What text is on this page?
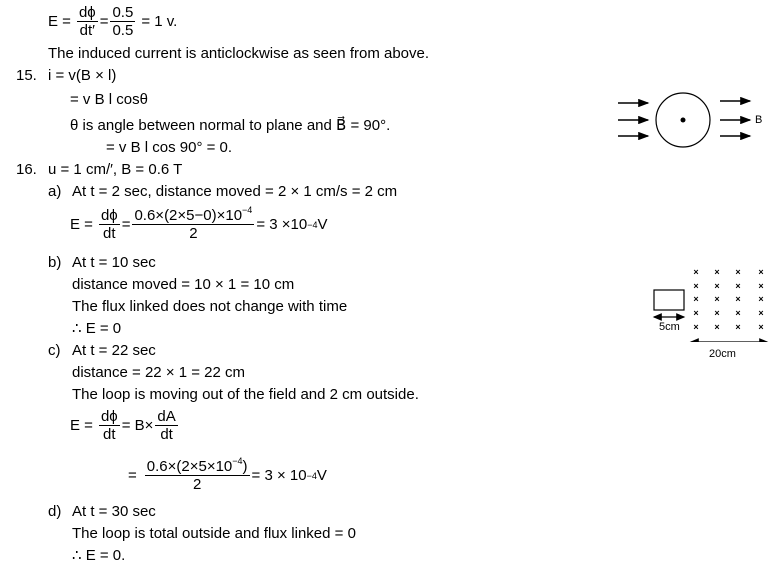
$E = \frac{d\phi}{dt'} = \frac{0.5}{0.5} = 1$ v.
The induced current is anticlockwise as seen from above.
15. i = v(B × l)
= v B l cosθ
θ is angle between normal to plane and B⃗ = 90°.
= v B l cos 90° = 0.
B
16. u = 1 cm/′, B = 0.6 T
a) At t = 2 sec, distance moved = 2 × 1 cm/s = 2 cm
$E = \frac{d\phi}{dt} = \frac{0.6\times(2\times 5-0)\times 10^{-4}}{2} = 3 \times 10 -4$ V
b) At t = 10 sec
distance moved = 10 × 1 = 10 cm
The flux linked does not change with time
∴ E = 0
c) At t = 22 sec
distance = 22 × 1 = 22 cm
The loop is moving out of the field and 2 cm outside.
$E = \frac{d\phi}{dt} = B\times \frac{dA}{dt}$
= $\frac{0.6\times(2\times 5\times 10^{-4})}{2} = 3 \times 10 -4$ V
d) At t = 30 sec
The loop is total outside and flux linked = 0
∴ E = 0.
× × × ×
× × × ×
× × × ×
× × × ×
× × × ×
5cm
20cm
